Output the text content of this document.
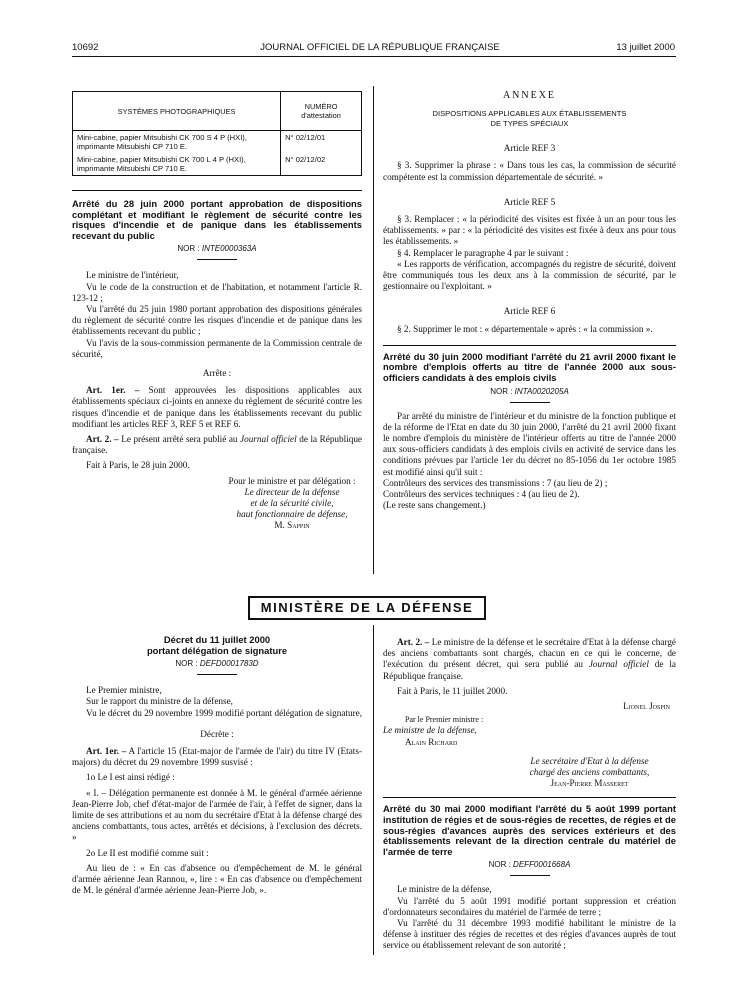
10692	JOURNAL OFFICIEL DE LA RÉPUBLIQUE FRANÇAISE	13 juillet 2000
SYSTÈMES PHOTOGRAPHIQUES	NUMÉRO
d'attestation
Mini-cabine, papier Mitsubishi CK 700 S 4 P (HXI), imprimante Mitsubishi CP 710 E.	N° 02/12/01
Mini-cabine, papier Mitsubishi CK 700 L 4 P (HXI), imprimante Mitsubishi CP 710 E.	N° 02/12/02

Arrêté du 28 juin 2000 portant approbation de dispositions complétant et modifiant le règlement de sécurité contre les risques d'incendie et de panique dans les établissements recevant du public

NOR : INTE0000363A

Le ministre de l'intérieur,

Vu le code de la construction et de l'habitation, et notamment l'article R. 123-12 ;

Vu l'arrêté du 25 juin 1980 portant approbation des dispositions générales du règlement de sécurité contre les risques d'incendie et de panique dans les établissements recevant du public ;

Vu l'avis de la sous-commission permanente de la Commission centrale de sécurité,

Arrête :

Art. 1er. – Sont approuvées les dispositions applicables aux établissements spéciaux ci-joints en annexe du règlement de sécurité contre les risques d'incendie et de panique dans les établissements recevant du public modifiant les articles REF 3, REF 5 et REF 6.

Art. 2. – Le présent arrêté sera publié au Journal officiel de la République française.

Fait à Paris, le 28 juin 2000.

Pour le ministre et par délégation :

Le directeur de la défense

et de la sécurité civile,

haut fonctionnaire de défense,

M. Sappin

ANNEXE

DISPOSITIONS APPLICABLES AUX ÉTABLISSEMENTS
DE TYPES SPÉCIAUX

Article REF 3

§ 3. Supprimer la phrase : « Dans tous les cas, la commission de sécurité compétente est la commission départementale de sécurité. »

Article REF 5

§ 3. Remplacer : « la périodicité des visites est fixée à un an pour tous les établissements. » par : « la périodicité des visites est fixée à deux ans pour tous les établissements. »

§ 4. Remplacer le paragraphe 4 par le suivant :

« Les rapports de vérification, accompagnés du registre de sécurité, doivent être communiqués tous les deux ans à la commission de sécurité, par le gestionnaire ou l'exploitant. »

Article REF 6

§ 2. Supprimer le mot : « départementale » après : « la commission ».

Arrêté du 30 juin 2000 modifiant l'arrêté du 21 avril 2000 fixant le nombre d'emplois offerts au titre de l'année 2000 aux sous-officiers candidats à des emplois civils

NOR : INTA0020205A

Par arrêté du ministre de l'intérieur et du ministre de la fonction publique et de la réforme de l'Etat en date du 30 juin 2000, l'arrêté du 21 avril 2000 fixant le nombre d'emplois du ministère de l'intérieur offerts au titre de l'année 2000 aux sous-officiers candidats à des emplois civils en activité de service dans les conditions prévues par l'article 1er du décret no 85-1056 du 1er octobre 1985 est modifié ainsi qu'il suit :

Contrôleurs des services des transmissions : 7 (au lieu de 2) ;

Contrôleurs des services techniques : 4 (au lieu de 2).

(Le reste sans changement.)

MINISTÈRE DE LA DÉFENSE

Décret du 11 juillet 2000
portant délégation de signature

NOR : DEFD0001783D

Le Premier ministre,

Sur le rapport du ministre de la défense,

Vu le décret du 29 novembre 1999 modifié portant délégation de signature,

Décrète :

Art. 1er. – A l'article 15 (Etat-major de l'armée de l'air) du titre IV (Etats-majors) du décret du 29 novembre 1999 susvisé :

1o Le I est ainsi rédigé :

« I. – Délégation permanente est donnée à M. le général d'armée aérienne Jean-Pierre Job, chef d'état-major de l'armée de l'air, à l'effet de signer, dans la limite de ses attributions et au nom du secrétaire d'Etat à la défense chargé des anciens combattants, tous actes, arrêtés et décisions, à l'exclusion des décrets. »

2o Le II est modifié comme suit :

Au lieu de : « En cas d'absence ou d'empêchement de M. le général d'armée aérienne Jean Rannou, », lire : « En cas d'absence ou d'empêchement de M. le général d'armée aérienne Jean-Pierre Job, ».

Art. 2. – Le ministre de la défense et le secrétaire d'Etat à la défense chargé des anciens combattants sont chargés, chacun en ce qui le concerne, de l'exécution du présent décret, qui sera publié au Journal officiel de la République française.

Fait à Paris, le 11 juillet 2000.

Lionel Jospin

Par le Premier ministre :

Le ministre de la défense,

Alain Richard

Le secrétaire d'Etat à la défense

chargé des anciens combattants,

Jean-Pierre Masseret

Arrêté du 30 mai 2000 modifiant l'arrêté du 5 août 1999 portant institution de régies et de sous-régies de recettes, de régies et de sous-régies d'avances auprès des services extérieurs et des établissements relevant de la direction centrale du matériel de l'armée de terre

NOR : DEFF0001668A

Le ministre de la défense,

Vu l'arrêté du 5 août 1991 modifié portant suppression et création d'ordonnateurs secondaires du matériel de l'armée de terre ;

Vu l'arrêté du 31 décembre 1993 modifié habilitant le ministre de la défense à instituer des régies de recettes et des régies d'avances auprès de tout service ou établissement relevant de son autorité ;
